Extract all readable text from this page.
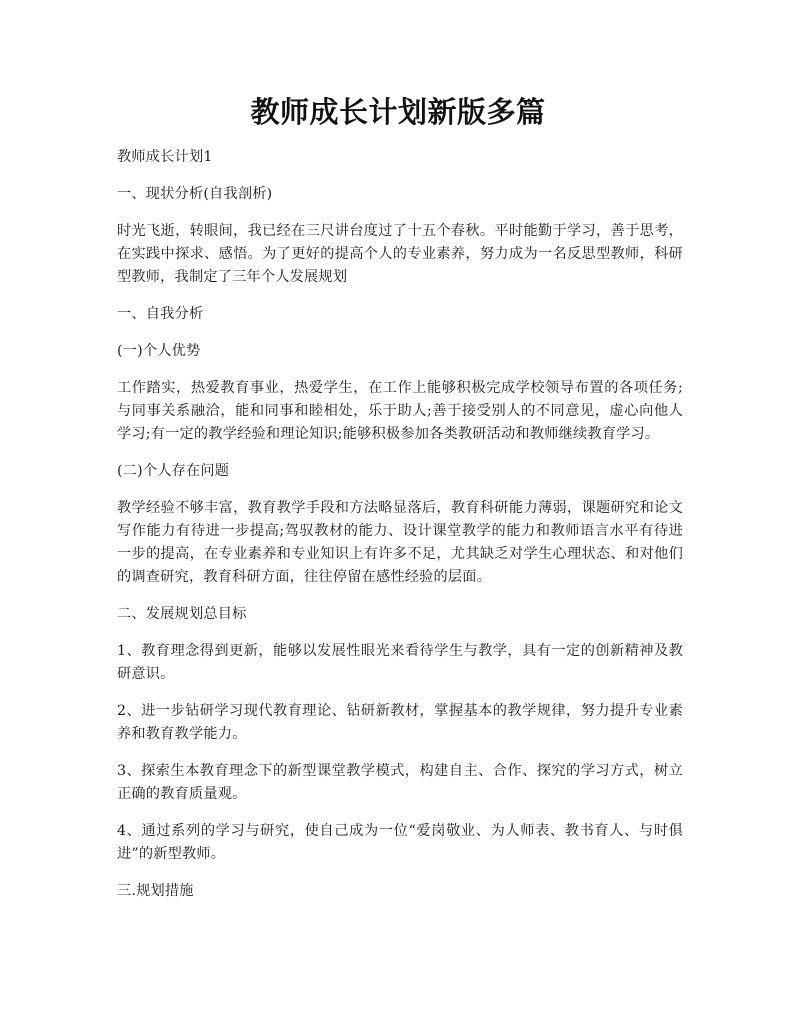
教师成长计划新版多篇

教师成长计划1

一、现状分析(自我剖析)

时光飞逝，转眼间，我已经在三尺讲台度过了十五个春秋。平时能勤于学习，善于思考，在实践中探求、感悟。为了更好的提高个人的专业素养，努力成为一名反思型教师，科研型教师，我制定了三年个人发展规划

一、自我分析

(一)个人优势

工作踏实，热爱教育事业，热爱学生，在工作上能够积极完成学校领导布置的各项任务;与同事关系融洽，能和同事和睦相处，乐于助人;善于接受别人的不同意见，虚心向他人学习;有一定的教学经验和理论知识;能够积极参加各类教研活动和教师继续教育学习。

(二)个人存在问题

教学经验不够丰富，教育教学手段和方法略显落后，教育科研能力薄弱，课题研究和论文写作能力有待进一步提高;驾驭教材的能力、设计课堂教学的能力和教师语言水平有待进一步的提高，在专业素养和专业知识上有许多不足，尤其缺乏对学生心理状态、和对他们的调查研究，教育科研方面，往往停留在感性经验的层面。

二、发展规划总目标

1、教育理念得到更新，能够以发展性眼光来看待学生与教学，具有一定的创新精神及教研意识。

2、进一步钻研学习现代教育理论、钻研新教材，掌握基本的教学规律，努力提升专业素养和教育教学能力。

3、探索生本教育理念下的新型课堂教学模式，构建自主、合作、探究的学习方式，树立正确的教育质量观。

4、通过系列的学习与研究，使自己成为一位“爱岗敬业、为人师表、教书育人、与时俱进”的新型教师。

三.规划措施
